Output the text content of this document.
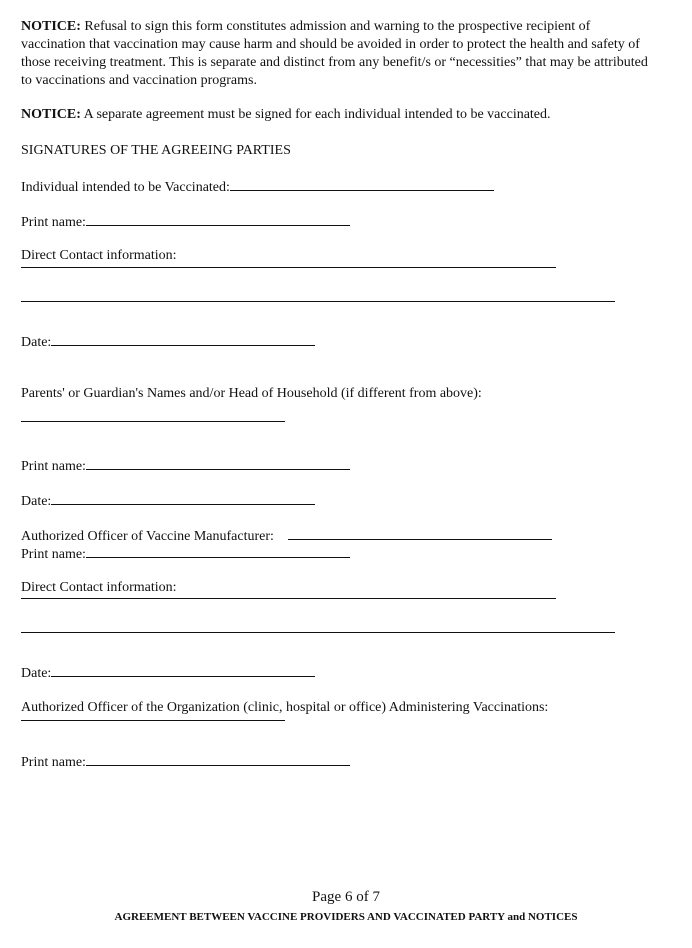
NOTICE: Refusal to sign this form constitutes admission and warning to the prospective recipient of
vaccination that vaccination may cause harm and should be avoided in order to protect the health and safety of
those receiving treatment. This is separate and distinct from any benefit/s or “necessities” that may be attributed
to vaccinations and vaccination programs.
NOTICE: A separate agreement must be signed for each individual intended to be vaccinated.
SIGNATURES OF THE AGREEING PARTIES
Individual intended to be Vaccinated:
Print name:
Direct Contact information:
Date:
Parents' or Guardian's Names and/or Head of Household (if different from above):
Print name:
Date:
Authorized Officer of Vaccine Manufacturer:
Print name:
Direct Contact information:
Date:
Authorized Officer of the Organization (clinic, hospital or office) Administering Vaccinations:
Print name:
Page 6 of 7
AGREEMENT BETWEEN VACCINE PROVIDERS AND VACCINATED PARTY and NOTICES
